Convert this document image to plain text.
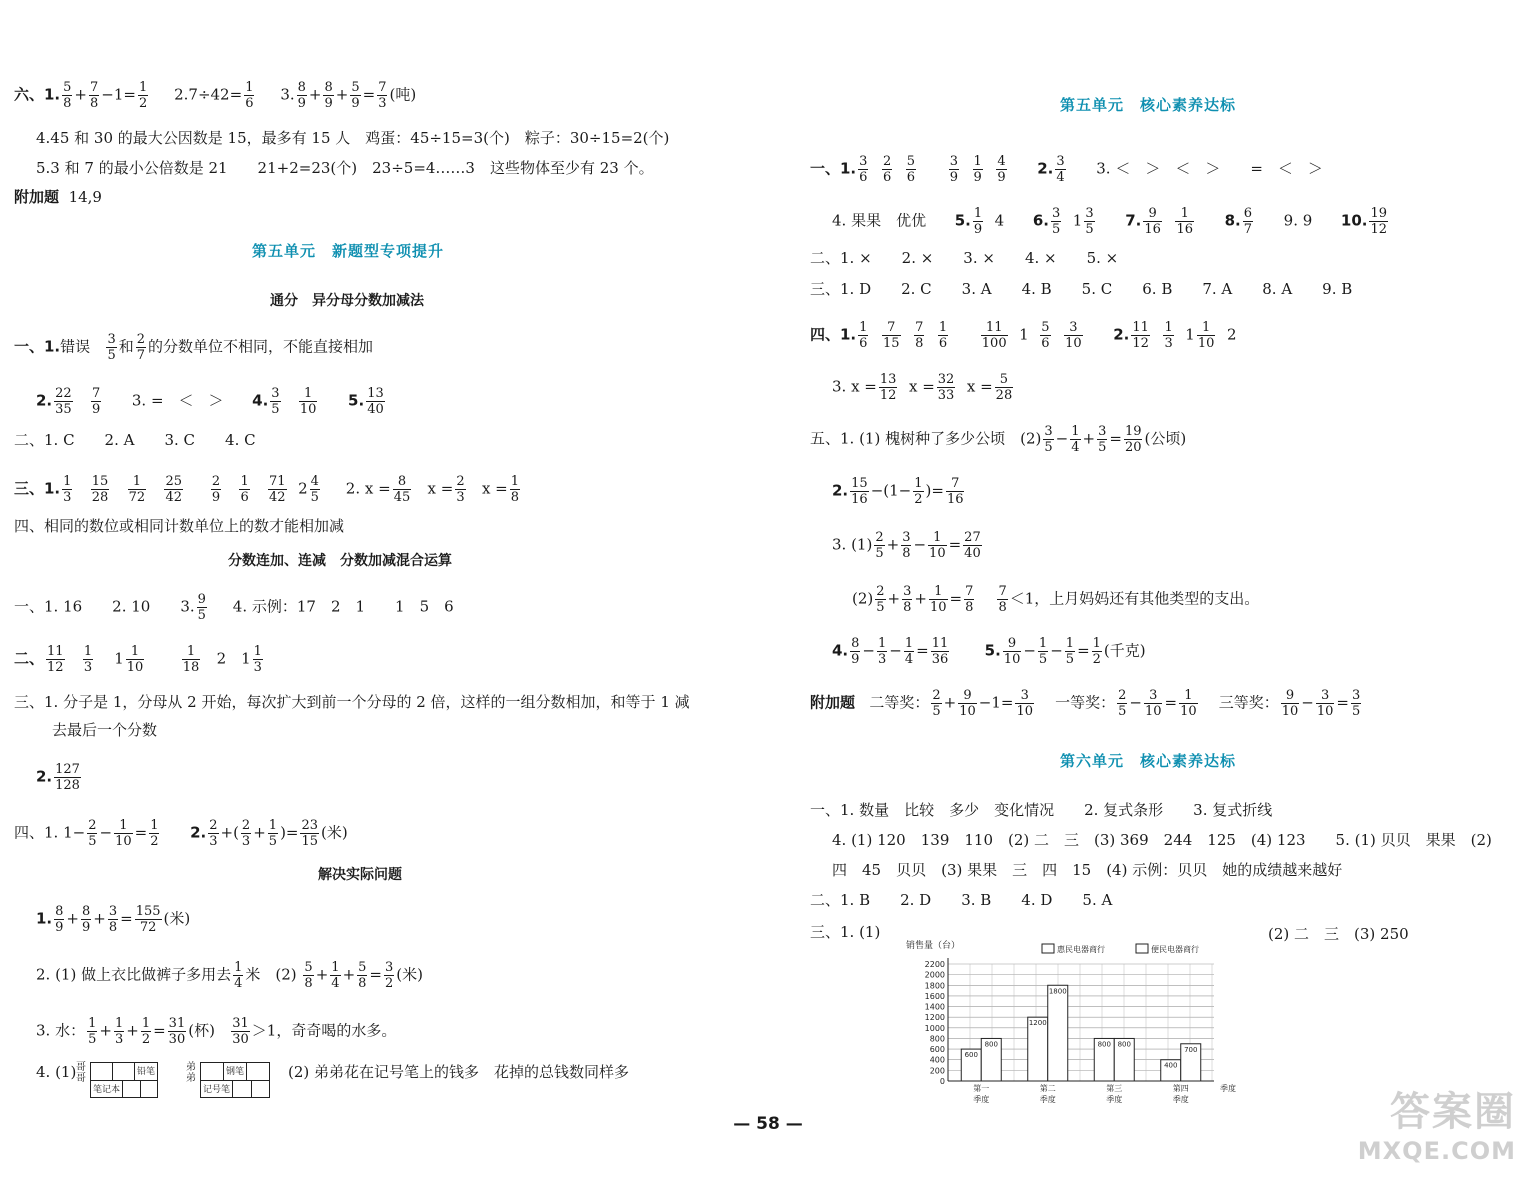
六、1. $\frac{5}{8} + \frac{7}{8} -1= \frac{1}{2} 2.7\div 42= \frac{1}{6} 3$. $\frac{8}{9} + \frac{8}{9} + \frac{5}{9} = \frac{7}{3}$ (吨)
4.45 和 30 的最大公因数是 15，最多有 15 人　鸡蛋：45÷15=3(个)　粽子：30÷15=2(个)
5.3 和 7 的最小公倍数是 21　　21+2=23(个)　23÷5=4……3　这些物体至少有 23 个。
附加题 14,9
第五单元　新题型专项提升
通分　异分母分数加减法
一、1.错误 $\frac{3}{5}$ 和 $\frac{2}{7}$ 的分数单位不相同，不能直接相加
2. $\frac{22}{35}$
$\frac{7}{9} 3$. =　＜　＞ 4. $\frac{3}{5}$
$\frac{1}{10} 5$. $\frac{13}{40}$
二、1. C　　2. A　　3. C　　4. C
三、1. $\frac{1}{3}$
$\frac{15}{28}$
$\frac{1}{72}$
$\frac{25}{42}$
$\frac{2}{9}$
$\frac{1}{6}$
$\frac{71}{42} 2 \frac{4}{5} 2$. $x = \frac{8}{45}$ $x = \frac{2}{3}$ $x = \frac{1}{8}$
四、相同的数位或相同计数单位上的数才能相加减
分数连加、连减　分数加减混合运算
一、1. 16　　2. 10　　3. $\frac{9}{5} 4$. 示例：17　2　1　　1　5　6
二、 $\frac{11}{12}$
$\frac{1}{3} 1 \frac{1}{10}$
	$\frac{1}{18} 2$　$1 \frac{1}{3}$
三、1. 分子是 1，分母从 2 开始，每次扩大到前一个分母的 2 倍，这样的一组分数相加，和等于 1 减
去最后一个分数
2. $\frac{127}{128}$
四、1. $1- \frac{2}{5} - \frac{1}{10} = \frac{1}{2} 2$. $\frac{2}{3}$ +( $\frac{2}{3} + \frac{1}{5}$ )= $\frac{23}{15}$ (米)
解决实际问题
1. $\frac{8}{9} + \frac{8}{9} + \frac{3}{8} = \frac{155}{72}$ (米)
2. (1) 做上衣比做裤子多用去 $\frac{1}{4}$ 米　$(2) \frac{5}{8} + \frac{1}{4} + \frac{5}{8} = \frac{3}{2}$ (米)
3. 水： $\frac{1}{5} + \frac{1}{3} + \frac{1}{2} = \frac{31}{30}$ (杯) $\frac{31}{30} >1$，奇奇喝的水多。
4. (1) 哥哥
铅笔
笔记本
弟弟
钢笔
记号笔
(2) 弟弟花在记号笔上的钱多　花掉的总钱数同样多
第五单元　核心素养达标
一、1. $\frac{3}{6}$
$\frac{2}{6}$
$\frac{5}{6}$
	$\frac{3}{9}$
$\frac{1}{9}$
$\frac{4}{9} 2$. $\frac{3}{4} 3$. ＜　＞　＜　＞　　=　＜　＞
4. 果果　优优 5. $\frac{1}{9} 4$ 6. $\frac{3}{5} 1 \frac{3}{5} 7$. $\frac{9}{16}$
$\frac{1}{16} 8$. $\frac{6}{7} 9$. 9 10. $\frac{19}{12}$
二、1. ×　　2. ×　　3. ×　　4. ×　　5. ×
三、1. D　　2. C　　3. A　　4. B　　5. C　　6. B　　7. A　　8. A　　9. B
四、1. $\frac{1}{6}$
$\frac{7}{15}$
$\frac{7}{8}$
$\frac{1}{6}$
	$\frac{11}{100} 1 \frac{5}{6}$
$\frac{3}{10} 2$. $\frac{11}{12}$
$\frac{1}{3} 1 \frac{1}{10} 2$
3. $x = \frac{13}{12}$ $x = \frac{32}{33}$ $x = \frac{5}{28}$
五、1. (1) 槐树种了多少公顷　$(2) \frac{3}{5} - \frac{1}{4} + \frac{3}{5} = \frac{19}{20}$ (公顷)
2. $\frac{15}{16} -(1- \frac{1}{2}$ )= $\frac{7}{16}$
3. $(1) \frac{2}{5} + \frac{3}{8} - \frac{1}{10} = \frac{27}{40}$
$(2) \frac{2}{5} + \frac{3}{8} + \frac{1}{10} = \frac{7}{8}$
$\frac{7}{8} <1$，上月妈妈还有其他类型的支出。
4. $\frac{8}{9} - \frac{1}{3} - \frac{1}{4} = \frac{11}{36} 5$. $\frac{9}{10} - \frac{1}{5} - \frac{1}{5} = \frac{1}{2}$ (千克)
附加题 二等奖： $\frac{2}{5} + \frac{9}{10} -1= \frac{3}{10}$ 一等奖： $\frac{2}{5} - \frac{3}{10} = \frac{1}{10}$ 三等奖： $\frac{9}{10} - \frac{3}{10} = \frac{3}{5}$
第六单元　核心素养达标
一、1. 数量　比较　多少　变化情况　　2. 复式条形　　3. 复式折线
4. (1) 120　139　110　(2) 二　三　(3) 369　244　125　(4) 123　　5. (1) 贝贝　果果　(2)
四　45　贝贝　(3) 果果　三　四　15　(4) 示例：贝贝　她的成绩越来越好
二、1. B　　2. D　　3. B　　4. D　　5. A
三、1. (1)	(2) 二　三　(3) 250
惠民电器商行	便民电器商行
销售量（台）
0
200
400
600
800
1000
1200
1400
1600
1800
2000
2200
600
800
第一
季度
1200
1800
第二
季度
800 800
第三
季度
400
700
第四
季度
季度
— 58 —	答案圈
MXQE.COM
